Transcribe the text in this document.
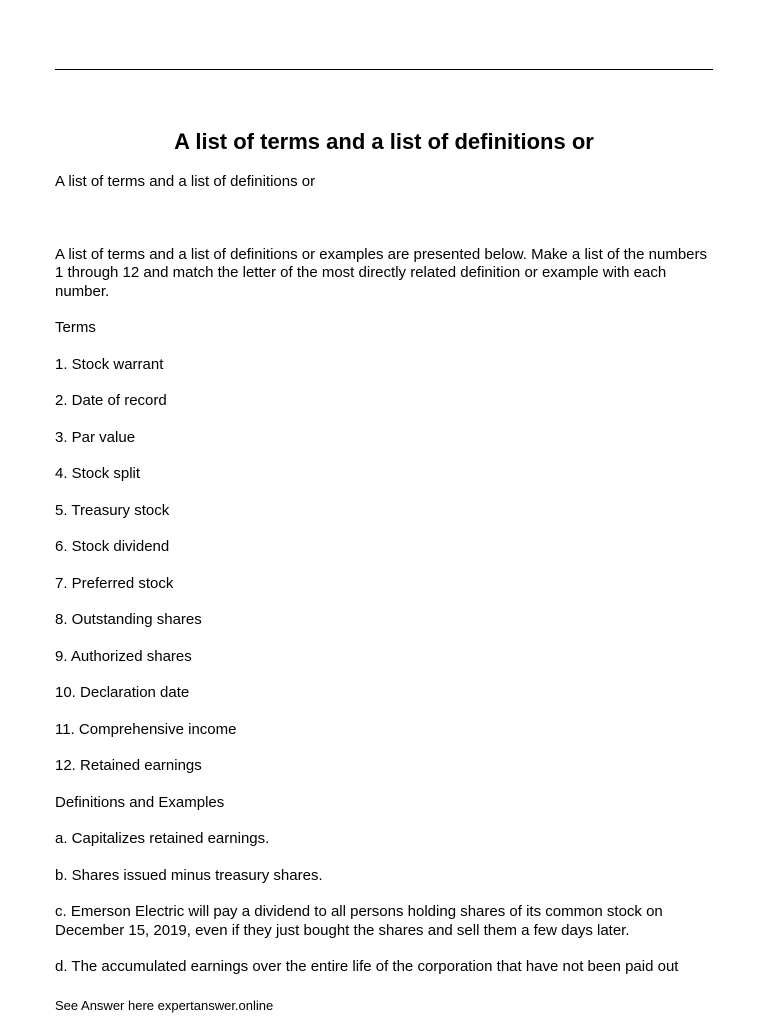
A list of terms and a list of definitions or

A list of terms and a list of definitions or

A list of terms and a list of definitions or examples are presented below. Make a list of the numbers 1 through 12 and match the letter of the most directly related definition or example with each number.

Terms

1. Stock warrant

2. Date of record

3. Par value

4. Stock split

5. Treasury stock

6. Stock dividend

7. Preferred stock

8. Outstanding shares

9. Authorized shares

10. Declaration date

11. Comprehensive income

12. Retained earnings

Definitions and Examples

a. Capitalizes retained earnings.

b. Shares issued minus treasury shares.

c. Emerson Electric will pay a dividend to all persons holding shares of its common stock on December 15, 2019, even if they just bought the shares and sell them a few days later.

d. The accumulated earnings over the entire life of the corporation that have not been paid out

See Answer here expertanswer.online
